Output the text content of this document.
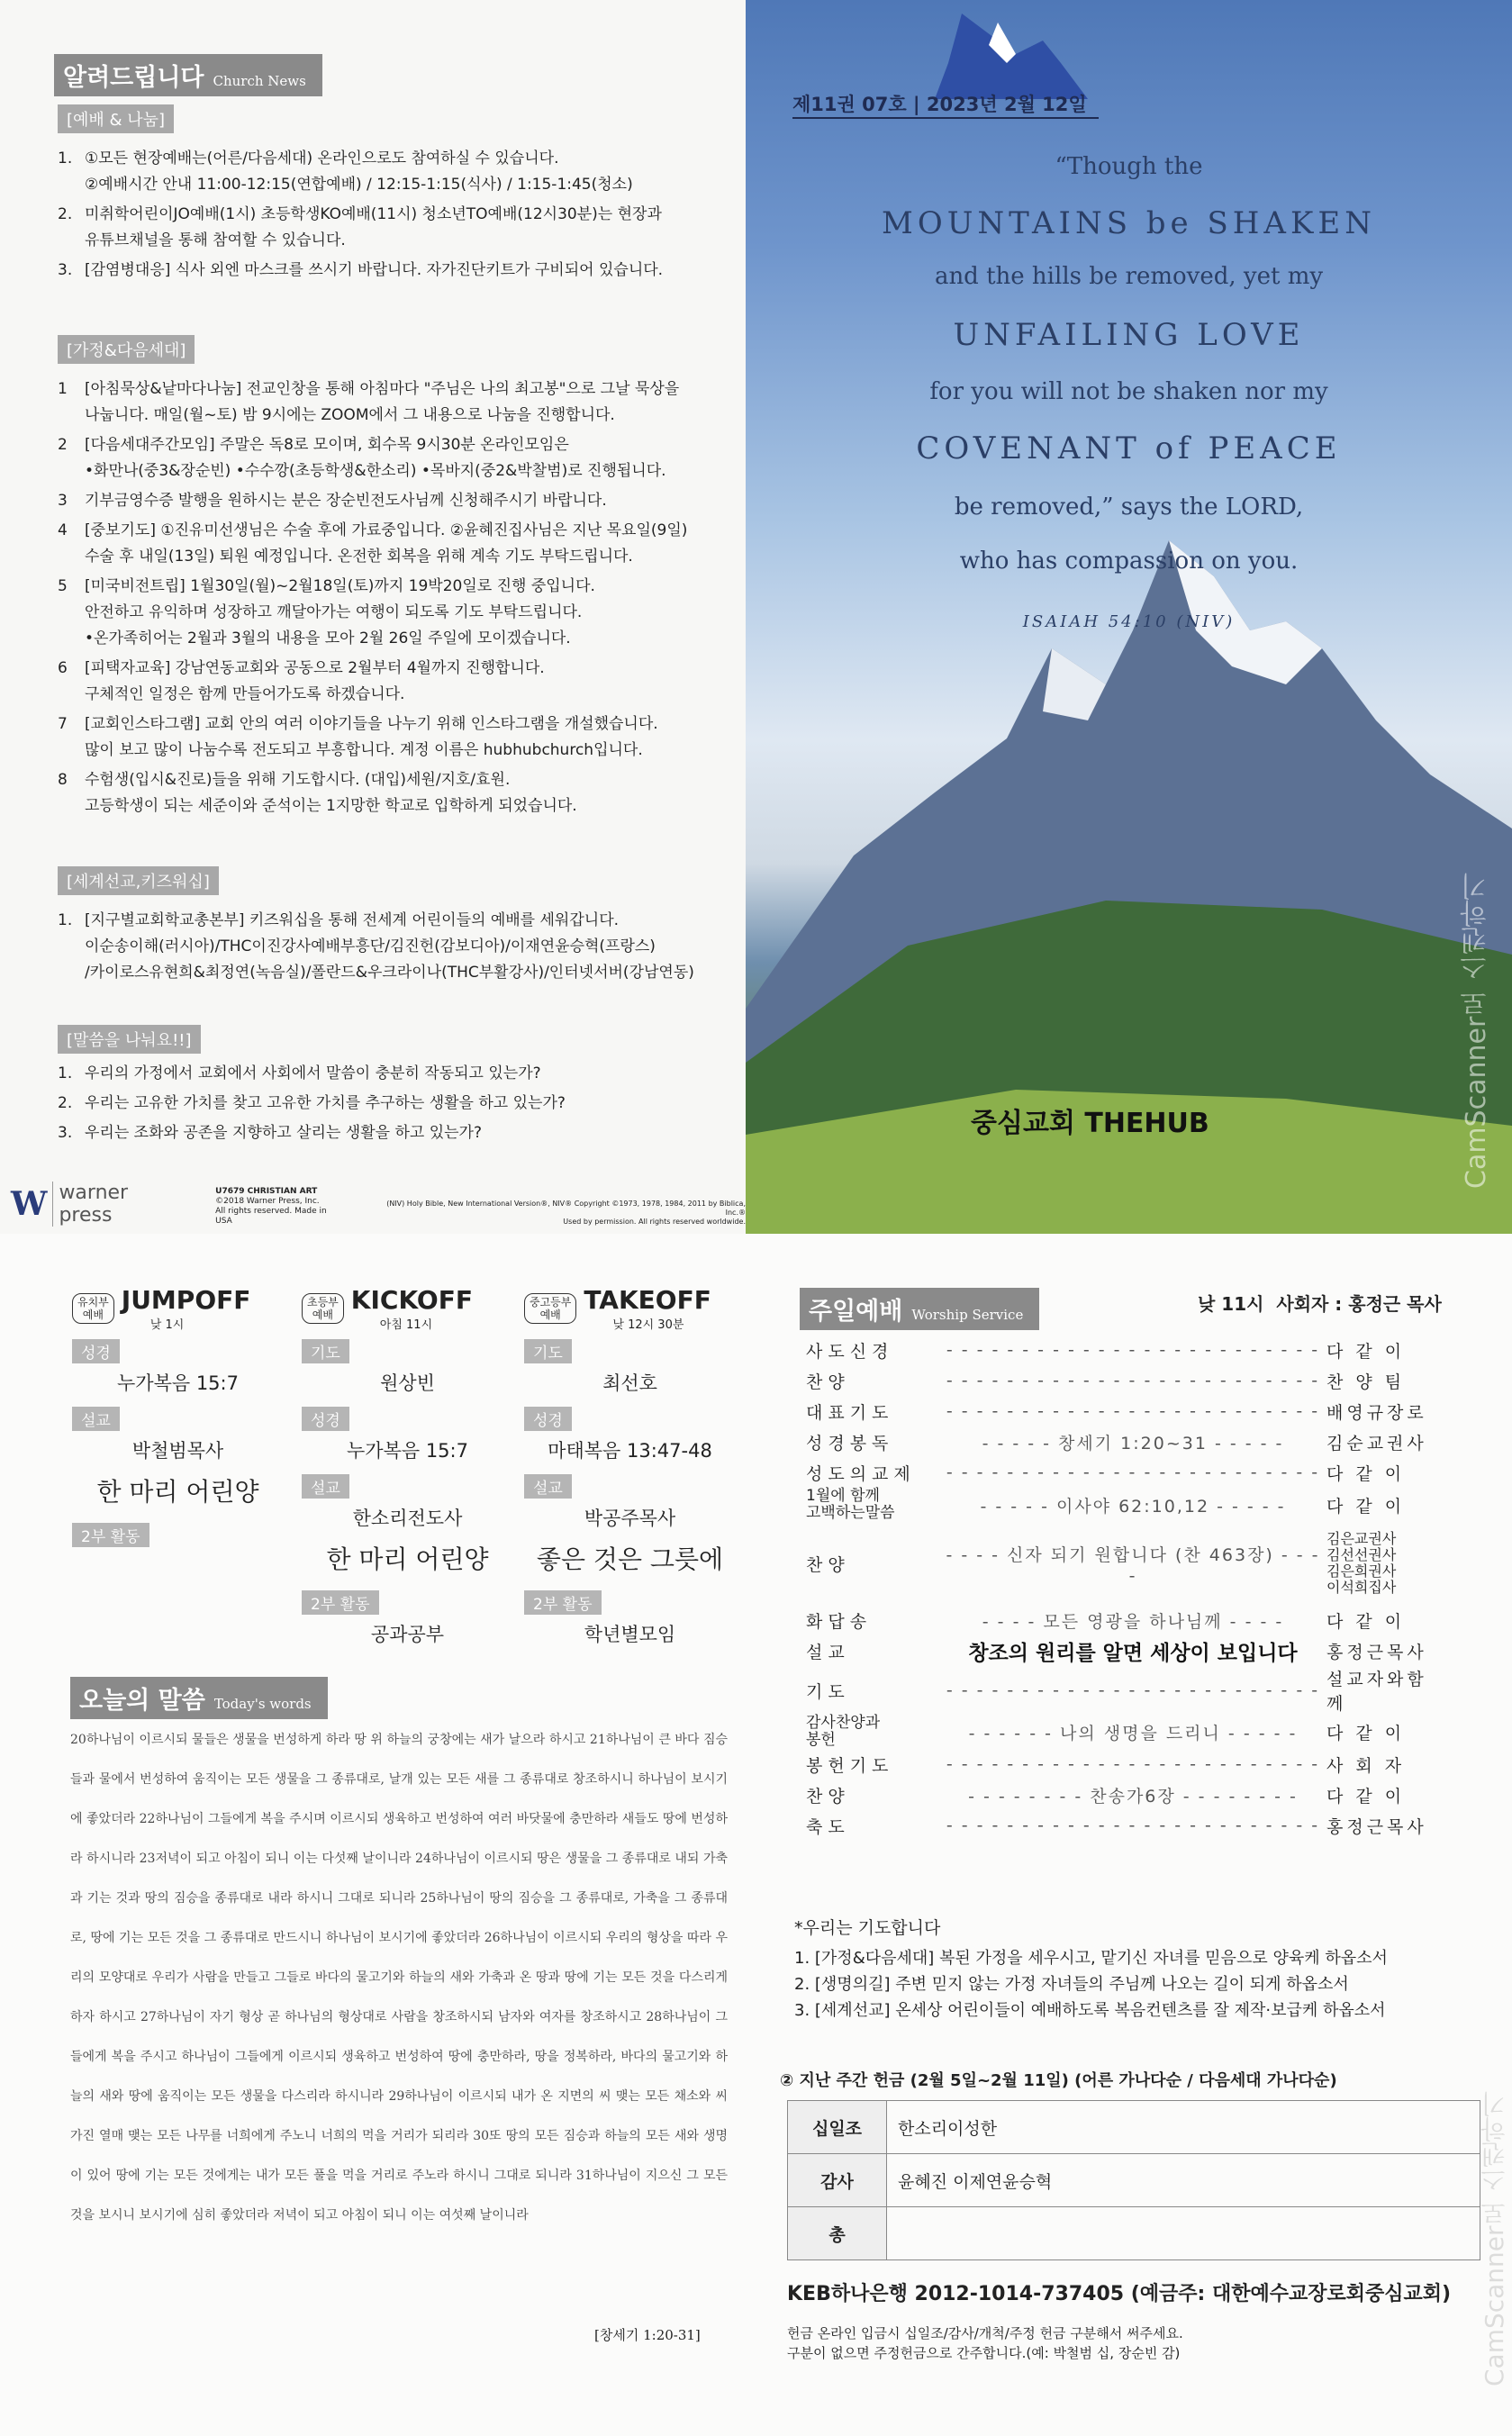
알려드립니다 Church News
[예배 & 나눔]
1. ①모든 현장예배는(어른/다음세대) 온라인으로도 참여하실 수 있습니다.
②예배시간 안내 11:00-12:15(연합예배) / 12:15-1:15(식사) / 1:15-1:45(청소)
2. 미취학어린이JO예배(1시) 초등학생KO예배(11시) 청소년TO예배(12시30분)는 현장과
유튜브채널을 통해 참여할 수 있습니다.
3. [감염병대응] 식사 외엔 마스크를 쓰시기 바랍니다. 자가진단키트가 구비되어 있습니다.
[가정&다음세대]
1	[아침묵상&낱마다나눔] 전교인창을 통해 아침마다 "주님은 나의 최고봉"으로 그날 묵상을
나눕니다. 매일(월~토) 밤 9시에는 ZOOM에서 그 내용으로 나눔을 진행합니다.
2	[다음세대주간모임] 주말은 독8로 모이며, 회수목 9시30분 온라인모임은
•화만나(중3&장순빈) •수수깡(초등학생&한소리) •목바지(중2&박찰범)로 진행됩니다.
3	기부금영수증 발행을 원하시는 분은 장순빈전도사님께 신청해주시기 바랍니다.
4	[중보기도] ①진유미선생님은 수술 후에 가료중입니다. ②윤혜진집사님은 지난 목요일(9일)
수술 후 내일(13일) 퇴원 예정입니다. 온전한 회복을 위해 계속 기도 부탁드립니다.
5	[미국비전트립] 1월30일(월)~2월18일(토)까지 19박20일로 진행 중입니다.
안전하고 유익하며 성장하고 깨달아가는 여행이 되도록 기도 부탁드립니다.
•온가족히어는 2월과 3월의 내용을 모아 2월 26일 주일에 모이겠습니다.
6	[피택자교육] 강남연동교회와 공동으로 2월부터 4월까지 진행합니다.
구체적인 일정은 함께 만들어가도록 하겠습니다.
7	[교회인스타그램] 교회 안의 여러 이야기들을 나누기 위해 인스타그램을 개설했습니다.
많이 보고 많이 나눔수록 전도되고 부흥합니다. 계정 이름은 hubhubchurch입니다.
8	수험생(입시&진로)들을 위해 기도합시다. (대입)세원/지호/효원.
고등학생이 되는 세준이와 준석이는 1지망한 학교로 입학하게 되었습니다.
[세계선교,키즈워십]
1. [지구별교회학교총본부] 키즈워십을 통해 전세계 어린이들의 예배를 세워갑니다.
이순송이해(러시아)/THC이진강사예배부흥단/김진헌(감보디아)/이재연윤승혁(프랑스)
/카이로스유현희&최정연(녹음실)/폴란드&우크라이나(THC부활강사)/인터넷서버(강남연동)
[말씀을 나눠요!!]
1. 우리의 가정에서 교회에서 사회에서 말씀이 충분히 작동되고 있는가?
2. 우리는 고유한 가치를 찾고 고유한 가치를 추구하는 생활을 하고 있는가?
3. 우리는 조화와 공존을 지향하고 살리는 생활을 하고 있는가?
W warner press
U7679 CHRISTIAN ART
©2018 Warner Press, Inc.
All rights reserved. Made in USA
(NIV) Holy Bible, New International Version®, NIV® Copyright ©1973, 1978, 1984, 2011 by Biblica, Inc.®
Used by permission. All rights reserved worldwide.
제11권 07호 | 2023년 2월 12일
“Though the
MOUNTAINS be SHAKEN
and the hills be removed, yet my
UNFAILING LOVE
for you will not be shaken nor my
COVENANT of PEACE
be removed,” says the LORD,
who has compassion on you.
ISAIAH 54:10 (NIV)
중심교회 THEHUB	CamScanner로 스캔하기
유치부
예배 JUMPOFF
낮 1시
성경
누가복음 15:7
설교
박철범목사
한 마리 어린양
2부 활동
초등부
예배 KICKOFF
아침 11시
기도
원상빈
성경
누가복음 15:7
설교
한소리전도사
한 마리 어린양
2부 활동
공과공부
중고등부
예배 TAKEOFF
낮 12시 30분
기도
최선호
성경
마태복음 13:47-48
설교
박공주목사
좋은 것은 그릇에
2부 활동
학년별모임
오늘의 말씀 Today's words
20하나님이 이르시되 물들은 생물을 번성하게 하라 땅 위 하늘의 궁창에는 새가 날으라 하시고 21하나님이 큰 바다 짐승들과 물에서 번성하여 움직이는 모든 생물을 그 종류대로, 날개 있는 모든 새를 그 종류대로 창조하시니 하나님이 보시기에 좋았더라 22하나님이 그들에게 복을 주시며 이르시되 생육하고 번성하여 여러 바닷물에 충만하라 새들도 땅에 번성하라 하시니라 23저녁이 되고 아침이 되니 이는 다섯째 날이니라 24하나님이 이르시되 땅은 생물을 그 종류대로 내되 가축과 기는 것과 땅의 짐승을 종류대로 내라 하시니 그대로 되니라 25하나님이 땅의 짐승을 그 종류대로, 가축을 그 종류대로, 땅에 기는 모든 것을 그 종류대로 만드시니 하나님이 보시기에 좋았더라 26하나님이 이르시되 우리의 형상을 따라 우리의 모양대로 우리가 사람을 만들고 그들로 바다의 물고기와 하늘의 새와 가축과 온 땅과 땅에 기는 모든 것을 다스리게 하자 하시고 27하나님이 자기 형상 곧 하나님의 형상대로 사람을 창조하시되 남자와 여자를 창조하시고 28하나님이 그들에게 복을 주시고 하나님이 그들에게 이르시되 생육하고 번성하여 땅에 충만하라, 땅을 정복하라, 바다의 물고기와 하늘의 새와 땅에 움직이는 모든 생물을 다스리라 하시니라 29하나님이 이르시되 내가 온 지면의 씨 맺는 모든 채소와 씨 가진 열매 맺는 모든 나무를 너희에게 주노니 너희의 먹을 거리가 되리라 30또 땅의 모든 짐승과 하늘의 모든 새와 생명이 있어 땅에 기는 모든 것에게는 내가 모든 풀을 먹을 거리로 주노라 하시니 그대로 되니라 31하나님이 지으신 그 모든 것을 보시니 보시기에 심히 좋았더라 저녁이 되고 아침이 되니 이는 여섯째 날이니라
[창세기 1:20-31]
주일예배 Worship Service	낮 11시 사회자 : 홍정근 목사
사도신경	- - - - - - - - - - - - - - - - - - - - - - - - -	다 같 이
찬양	- - - - - - - - - - - - - - - - - - - - - - - - -	찬 양 팀
대표기도	- - - - - - - - - - - - - - - - - - - - - - - - -	배영규장로
성경봉독	- - - - - 창세기 1:20~31 - - - - -	김순교권사
성도의교제	- - - - - - - - - - - - - - - - - - - - - - - - -	다 같 이
1월에 함께
고백하는말씀	- - - - - 이사야 62:10,12 - - - - -	다 같 이
찬양	- - - - 신자 되기 원합니다 (찬 463장) - - - -	김은교권사
김선선권사
김은희권사
이석희집사
화답송	- - - - 모든 영광을 하나님께 - - - -	다 같 이
설교	창조의 원리를 알면 세상이 보입니다	홍정근목사
기도	- - - - - - - - - - - - - - - - - - - - - - - - -	설교자와함께
감사찬양과
봉헌	- - - - - - 나의 생명을 드리니 - - - - -	다 같 이
봉헌기도	- - - - - - - - - - - - - - - - - - - - - - - - -	사 회 자
찬양	- - - - - - - - 찬송가6장 - - - - - - - -	다 같 이
축도	- - - - - - - - - - - - - - - - - - - - - - - - -	홍정근목사
*우리는 기도합니다
1. [가정&다음세대] 복된 가정을 세우시고, 맡기신 자녀를 믿음으로 양육케 하옵소서
2. [생명의길] 주변 믿지 않는 가정 자녀들의 주님께 나오는 길이 되게 하옵소서
3. [세계선교] 온세상 어린이들이 예배하도록 복음컨텐츠를 잘 제작·보급케 하옵소서
② 지난 주간 헌금 (2월 5일~2월 11일) (어른 가나다순 / 다음세대 가나다순)
십일조	한소리이성한
감사	윤혜진 이제연윤승혁
총	
KEB하나은행 2012-1014-737405 (예금주: 대한예수교장로회중심교회)
헌금 온라인 입금시 십일조/감사/개척/주정 헌금 구분해서 써주세요.
구분이 없으면 주정헌금으로 간주합니다.(예: 박철범 십, 장순빈 감)	CamScanner로 스캔하기
